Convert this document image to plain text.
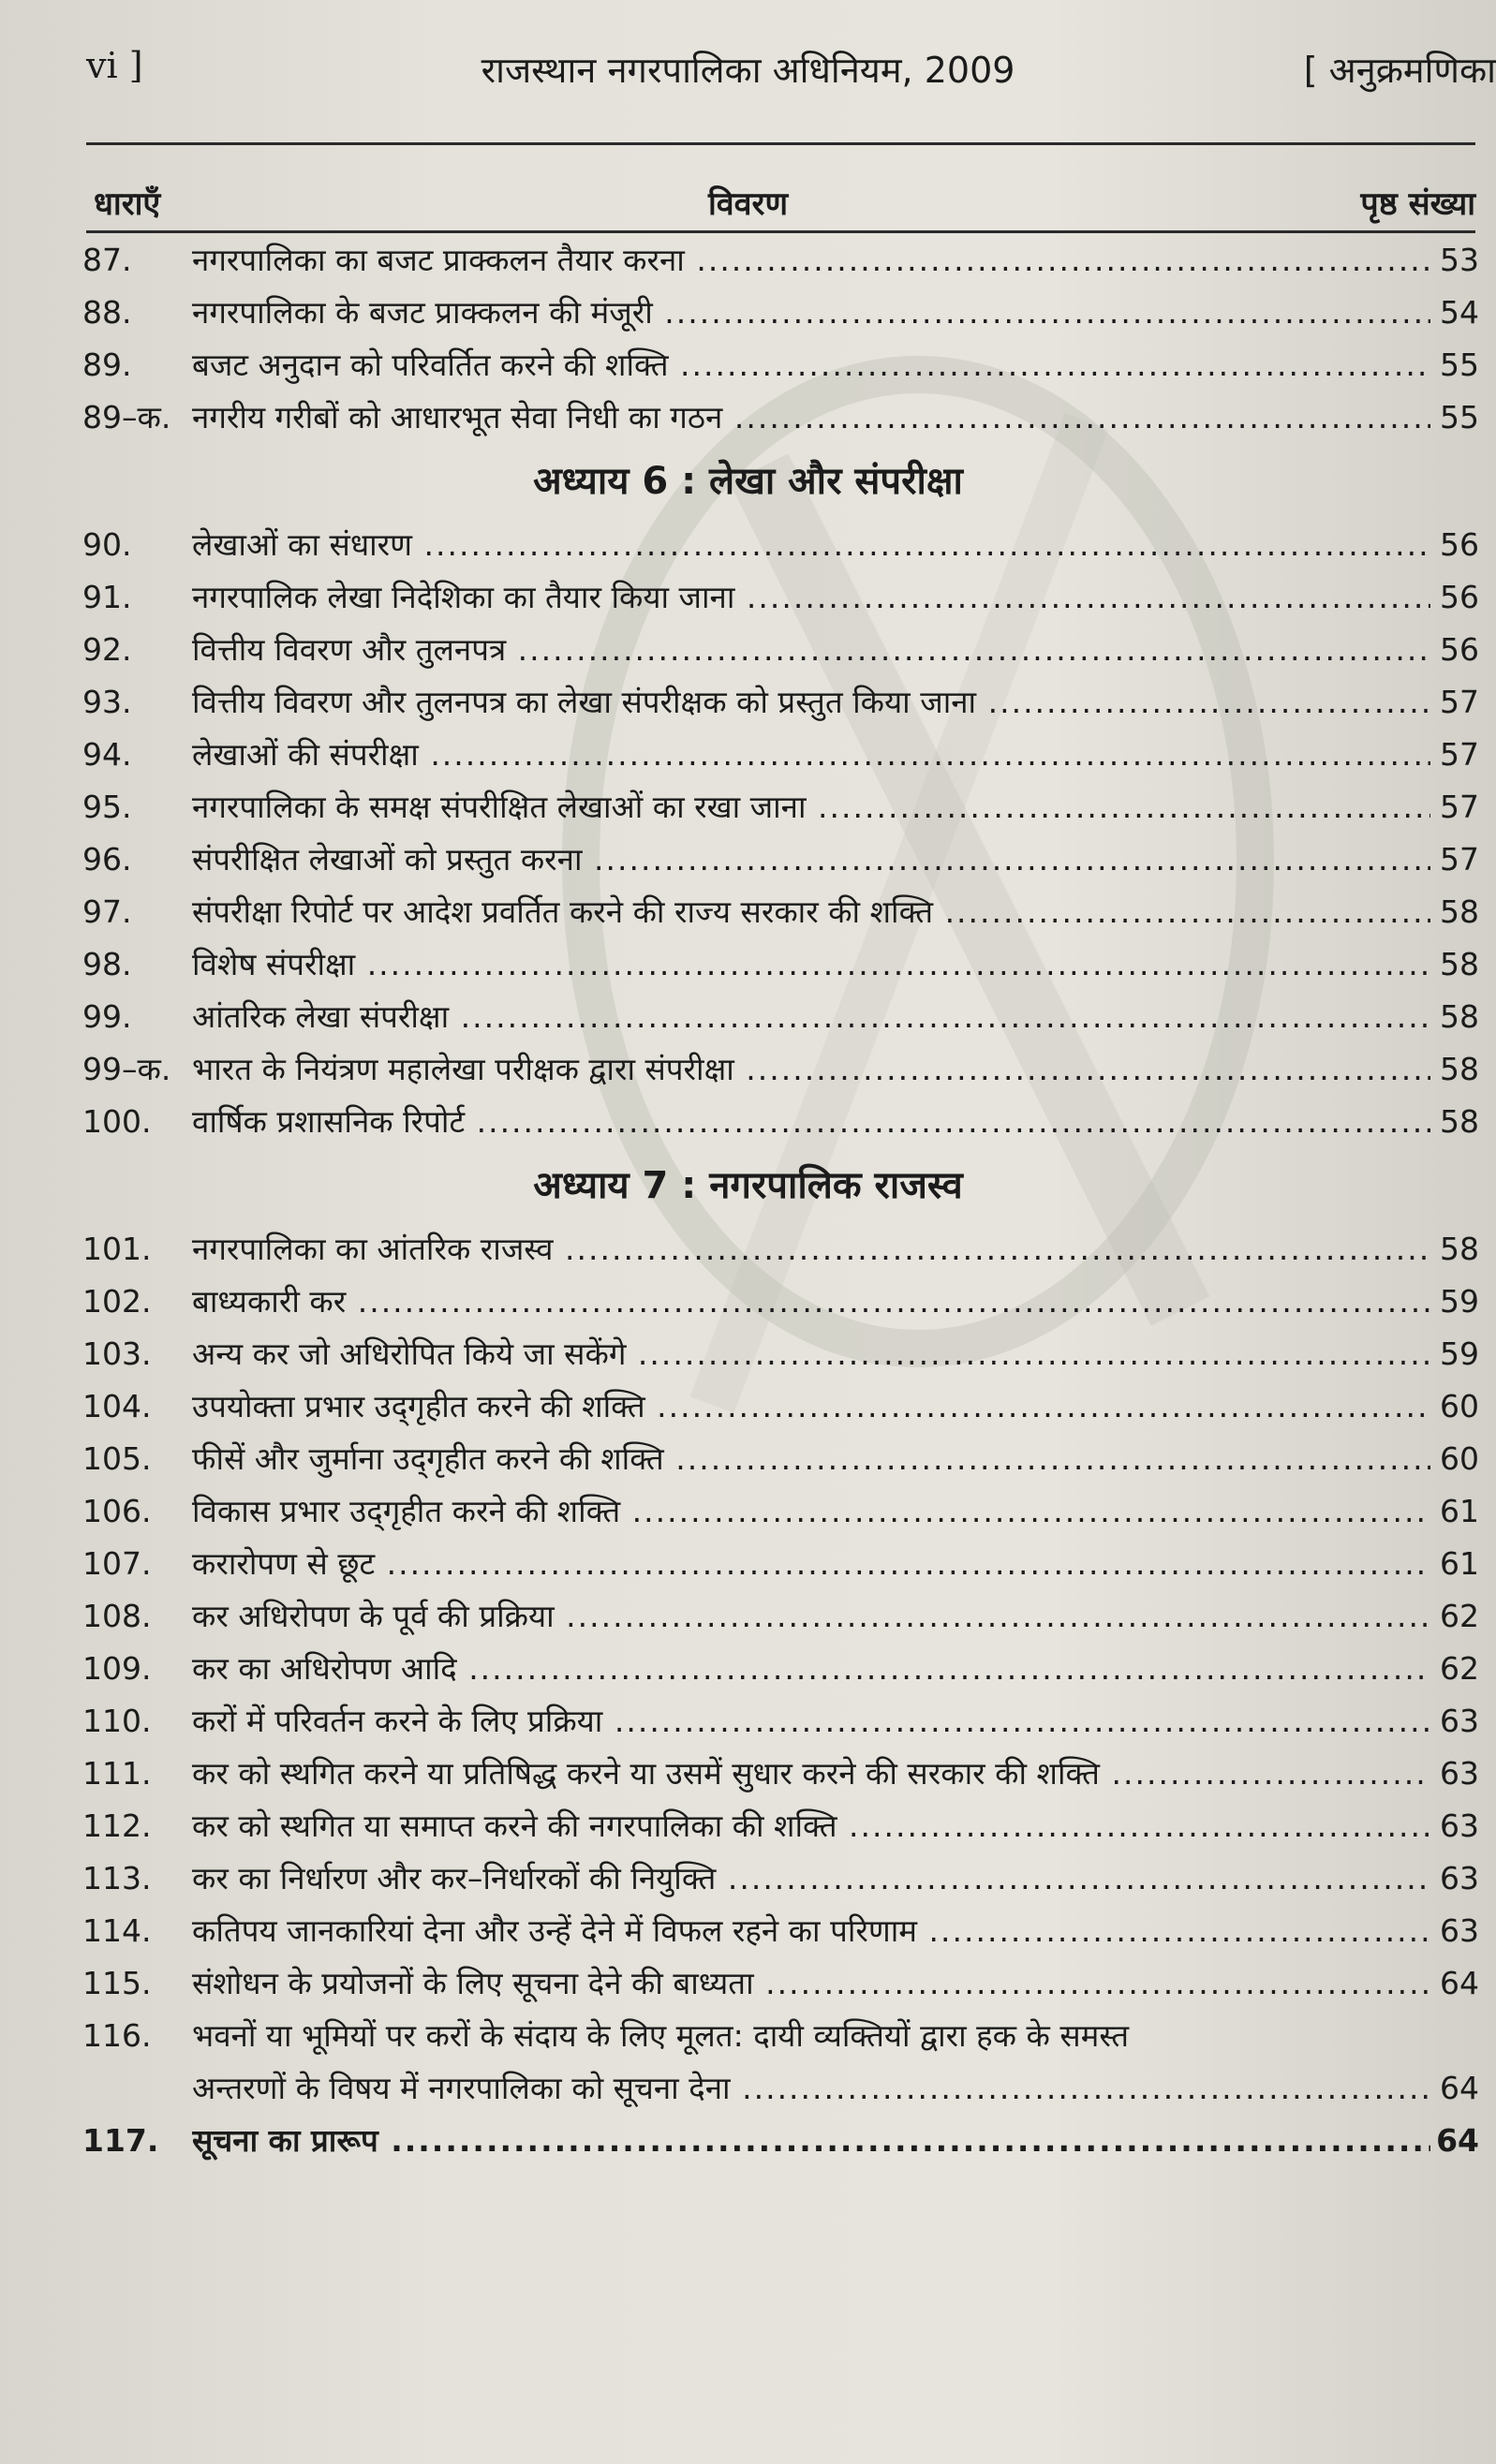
vi ]	राजस्थान नगरपालिका अधिनियम, 2009	[ अनुक्रमणिका
धाराएँ	विवरण	पृष्ठ संख्या
87.	नगरपालिका का बजट प्राक्कलन तैयार करना .....	53
88.	नगरपालिका के बजट प्राक्कलन की मंजूरी .....	54
89.	बजट अनुदान को परिवर्तित करने की शक्ति .....	55
89–क. नगरीय गरीबों को आधारभूत सेवा निधी का गठन .....	55
अध्याय 6 : लेखा और संपरीक्षा
90.	लेखाओं का संधारण .....	56
91.	नगरपालिक लेखा निदेशिका का तैयार किया जाना .....	56
92.	वित्तीय विवरण और तुलनपत्र .....	56
93.	वित्तीय विवरण और तुलनपत्र का लेखा संपरीक्षक को प्रस्तुत किया जाना .....	57
94.	लेखाओं की संपरीक्षा .....	57
95.	नगरपालिका के समक्ष संपरीक्षित लेखाओं का रखा जाना .....	57
96.	संपरीक्षित लेखाओं को प्रस्तुत करना .....	57
97.	संपरीक्षा रिपोर्ट पर आदेश प्रवर्तित करने की राज्य सरकार की शक्ति .....	58
98.	विशेष संपरीक्षा .....	58
99.	आंतरिक लेखा संपरीक्षा .....	58
99–क. भारत के नियंत्रण महालेखा परीक्षक द्वारा संपरीक्षा .....	58
100.	वार्षिक प्रशासनिक रिपोर्ट .....	58
अध्याय 7 : नगरपालिक राजस्व
101.	नगरपालिका का आंतरिक राजस्व .....	58
102.	बाध्यकारी कर .....	59
103.	अन्य कर जो अधिरोपित किये जा सकेंगे .....	59
104.	उपयोक्ता प्रभार उद्‌गृहीत करने की शक्ति .....	60
105.	फीसें और जुर्माना उद्‌गृहीत करने की शक्ति .....	60
106.	विकास प्रभार उद्‌गृहीत करने की शक्ति .....	61
107.	करारोपण से छूट .....	61
108.	कर अधिरोपण के पूर्व की प्रक्रिया .....	62
109.	कर का अधिरोपण आदि .....	62
110.	करों में परिवर्तन करने के लिए प्रक्रिया .....	63
111.	कर को स्थगित करने या प्रतिषिद्ध करने या उसमें सुधार करने की सरकार की शक्ति .....	63
112.	कर को स्थगित या समाप्त करने की नगरपालिका की शक्ति .....	63
113.	कर का निर्धारण और कर–निर्धारकों की नियुक्ति .....	63
114.	कतिपय जानकारियां देना और उन्हें देने में विफल रहने का परिणाम .....	63
115.	संशोधन के प्रयोजनों के लिए सूचना देने की बाध्यता .....	64
116.	भवनों या भूमियों पर करों के संदाय के लिए मूलत: दायी व्यक्तियों द्वारा हक के समस्त
अन्तरणों के विषय में नगरपालिका को सूचना देना .....	64
117.	सूचना का प्रारूप .....	64
